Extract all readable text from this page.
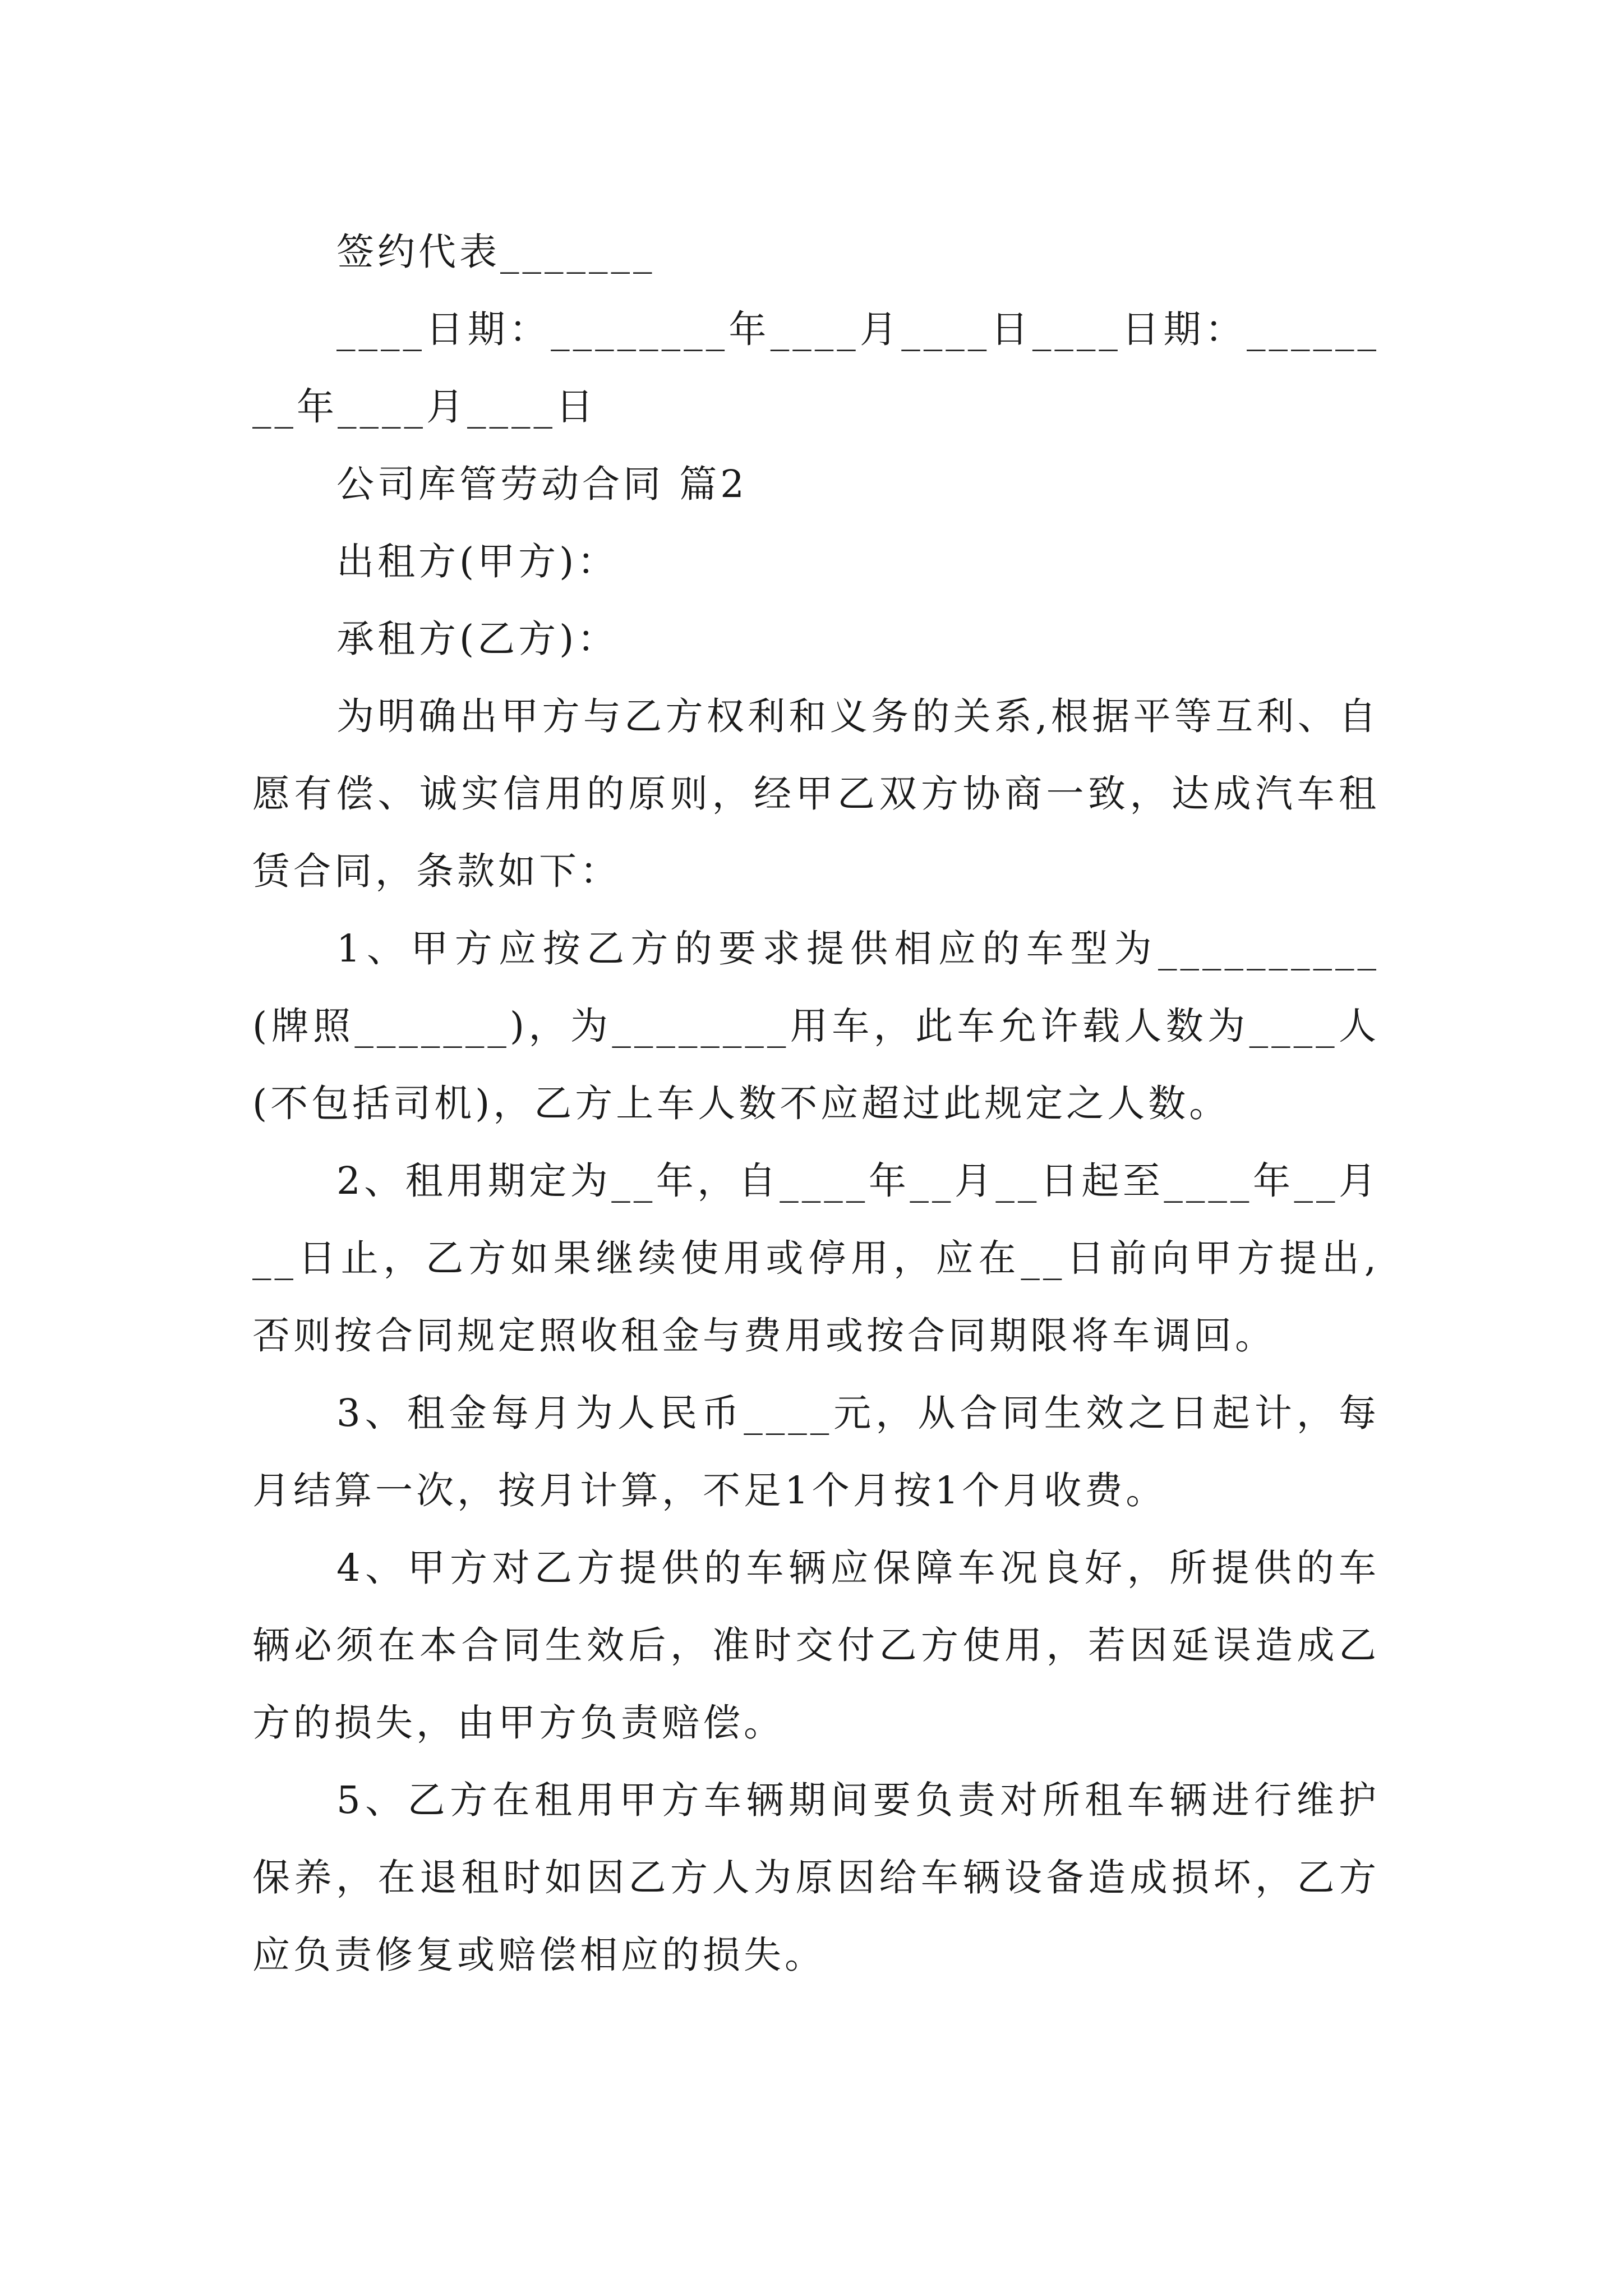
签约代表_______

____日期：________年____月____日____日期：________年____月____日

公司库管劳动合同 篇2

出租方(甲方)：

承租方(乙方)：

为明确出甲方与乙方权利和义务的关系,根据平等互利、自愿有偿、诚实信用的原则，经甲乙双方协商一致，达成汽车租赁合同，条款如下：

1、甲方应按乙方的要求提供相应的车型为__________(牌照_______)，为________用车，此车允许载人数为____人(不包括司机)，乙方上车人数不应超过此规定之人数。

2、租用期定为__年，自____年__月__日起至____年__月__日止，乙方如果继续使用或停用，应在__日前向甲方提出,否则按合同规定照收租金与费用或按合同期限将车调回。

3、租金每月为人民币____元，从合同生效之日起计，每月结算一次，按月计算，不足1个月按1个月收费。

4、甲方对乙方提供的车辆应保障车况良好，所提供的车辆必须在本合同生效后，准时交付乙方使用，若因延误造成乙方的损失，由甲方负责赔偿。

5、乙方在租用甲方车辆期间要负责对所租车辆进行维护保养，在退租时如因乙方人为原因给车辆设备造成损坏，乙方应负责修复或赔偿相应的损失。
